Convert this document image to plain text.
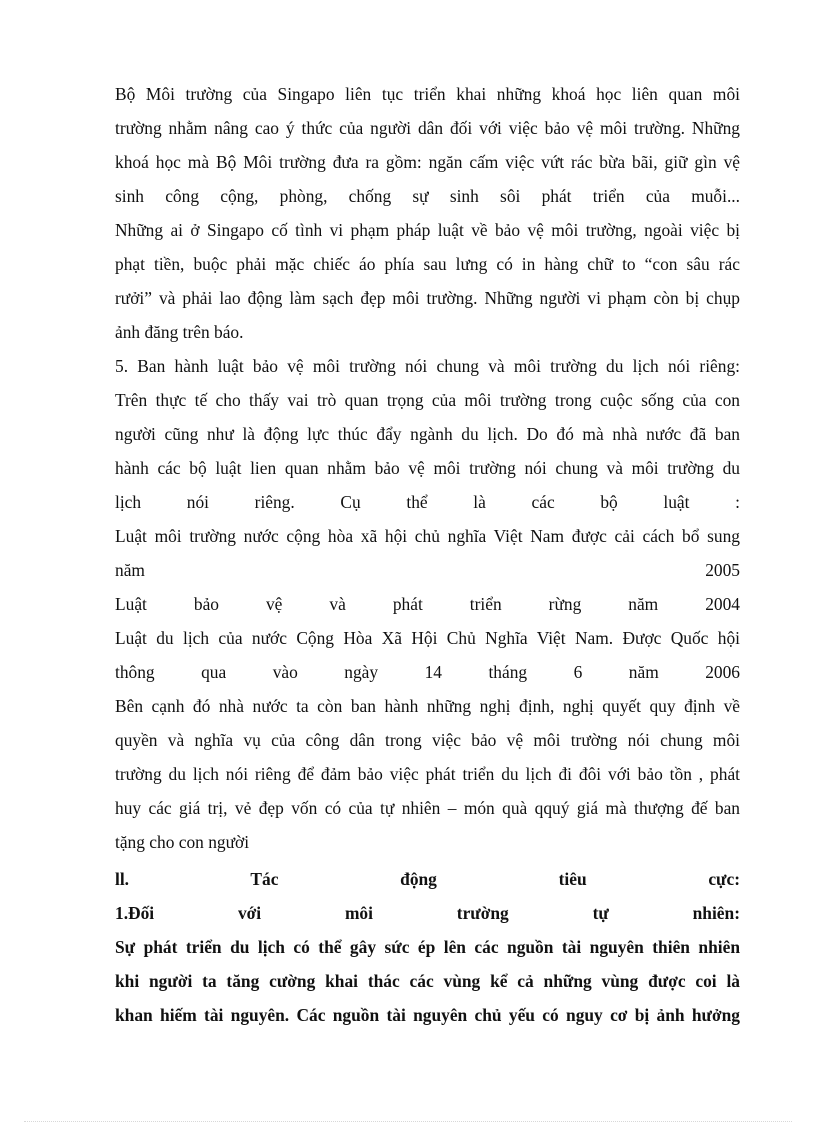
Bộ Môi trường của Singapo liên tục triển khai những khoá học liên quan môi
trường nhằm nâng cao ý thức của người dân đối với việc bảo vệ môi trường. Những
khoá học mà Bộ Môi trường đưa ra gồm: ngăn cấm việc vứt rác bừa bãi, giữ gìn vệ
sinh công cộng, phòng, chống sự sinh sôi phát triển của muỗi...
Những ai ở Singapo cố tình vi phạm pháp luật về bảo vệ môi trường, ngoài việc bị
phạt tiền, buộc phải mặc chiếc áo phía sau lưng có in hàng chữ to “con sâu rác
rưởi” và phải lao động làm sạch đẹp môi trường. Những người vi phạm còn bị chụp
ảnh đăng trên báo.
5. Ban hành luật bảo vệ môi trường nói chung và môi trường du lịch nói riêng:
Trên thực tế cho thấy vai trò quan trọng của môi trường trong cuộc sống của con
người cũng như là động lực thúc đẩy ngành du lịch. Do đó mà nhà nước đã ban
hành các bộ luật lien quan nhằm bảo vệ môi trường nói chung và môi trường du
lịch nói riêng. Cụ thể là các bộ luật :
Luật môi trường nước cộng hòa xã hội chủ nghĩa Việt Nam được cải cách bổ sung
năm 2005
Luật bảo vệ và phát triển rừng năm 2004
Luật du lịch của nước Cộng Hòa Xã Hội Chủ Nghĩa Việt Nam. Được Quốc hội
thông qua vào ngày 14 tháng 6 năm 2006
Bên cạnh đó nhà nước ta còn ban hành những nghị định, nghị quyết quy định về
quyền và nghĩa vụ của công dân trong việc bảo vệ môi trường nói chung môi
trường du lịch nói riêng để đảm bảo việc phát triển du lịch đi đôi với bảo tồn , phát
huy các giá trị, vẻ đẹp vốn có của tự nhiên – món quà qquý giá mà thượng đế ban
tặng cho con người
ll. Tác động tiêu cực:
1.Đối với môi trường tự nhiên:
Sự phát triển du lịch có thể gây sức ép lên các nguồn tài nguyên thiên nhiên
khi người ta tăng cường khai thác các vùng kể cả những vùng được coi là
khan hiếm tài nguyên. Các nguồn tài nguyên chủ yếu có nguy cơ bị ảnh hưởng
